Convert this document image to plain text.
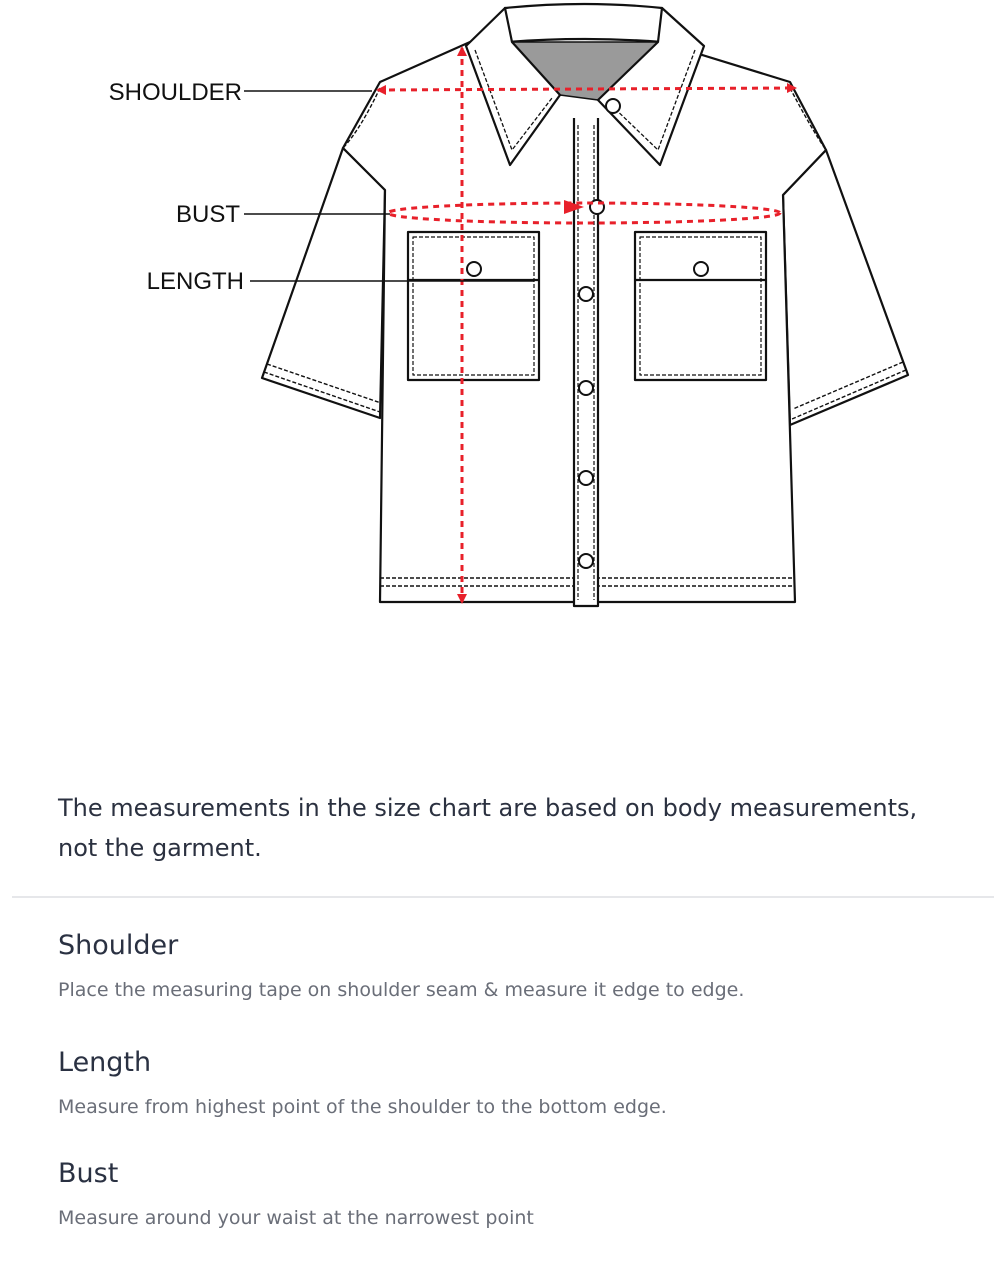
SHOULDER
BUST
LENGTH
The measurements in the size chart are based on body measurements,
not the garment.
Shoulder
Place the measuring tape on shoulder seam & measure it edge to edge.
Length
Measure from highest point of the shoulder to the bottom edge.
Bust
Measure around your waist at the narrowest point
